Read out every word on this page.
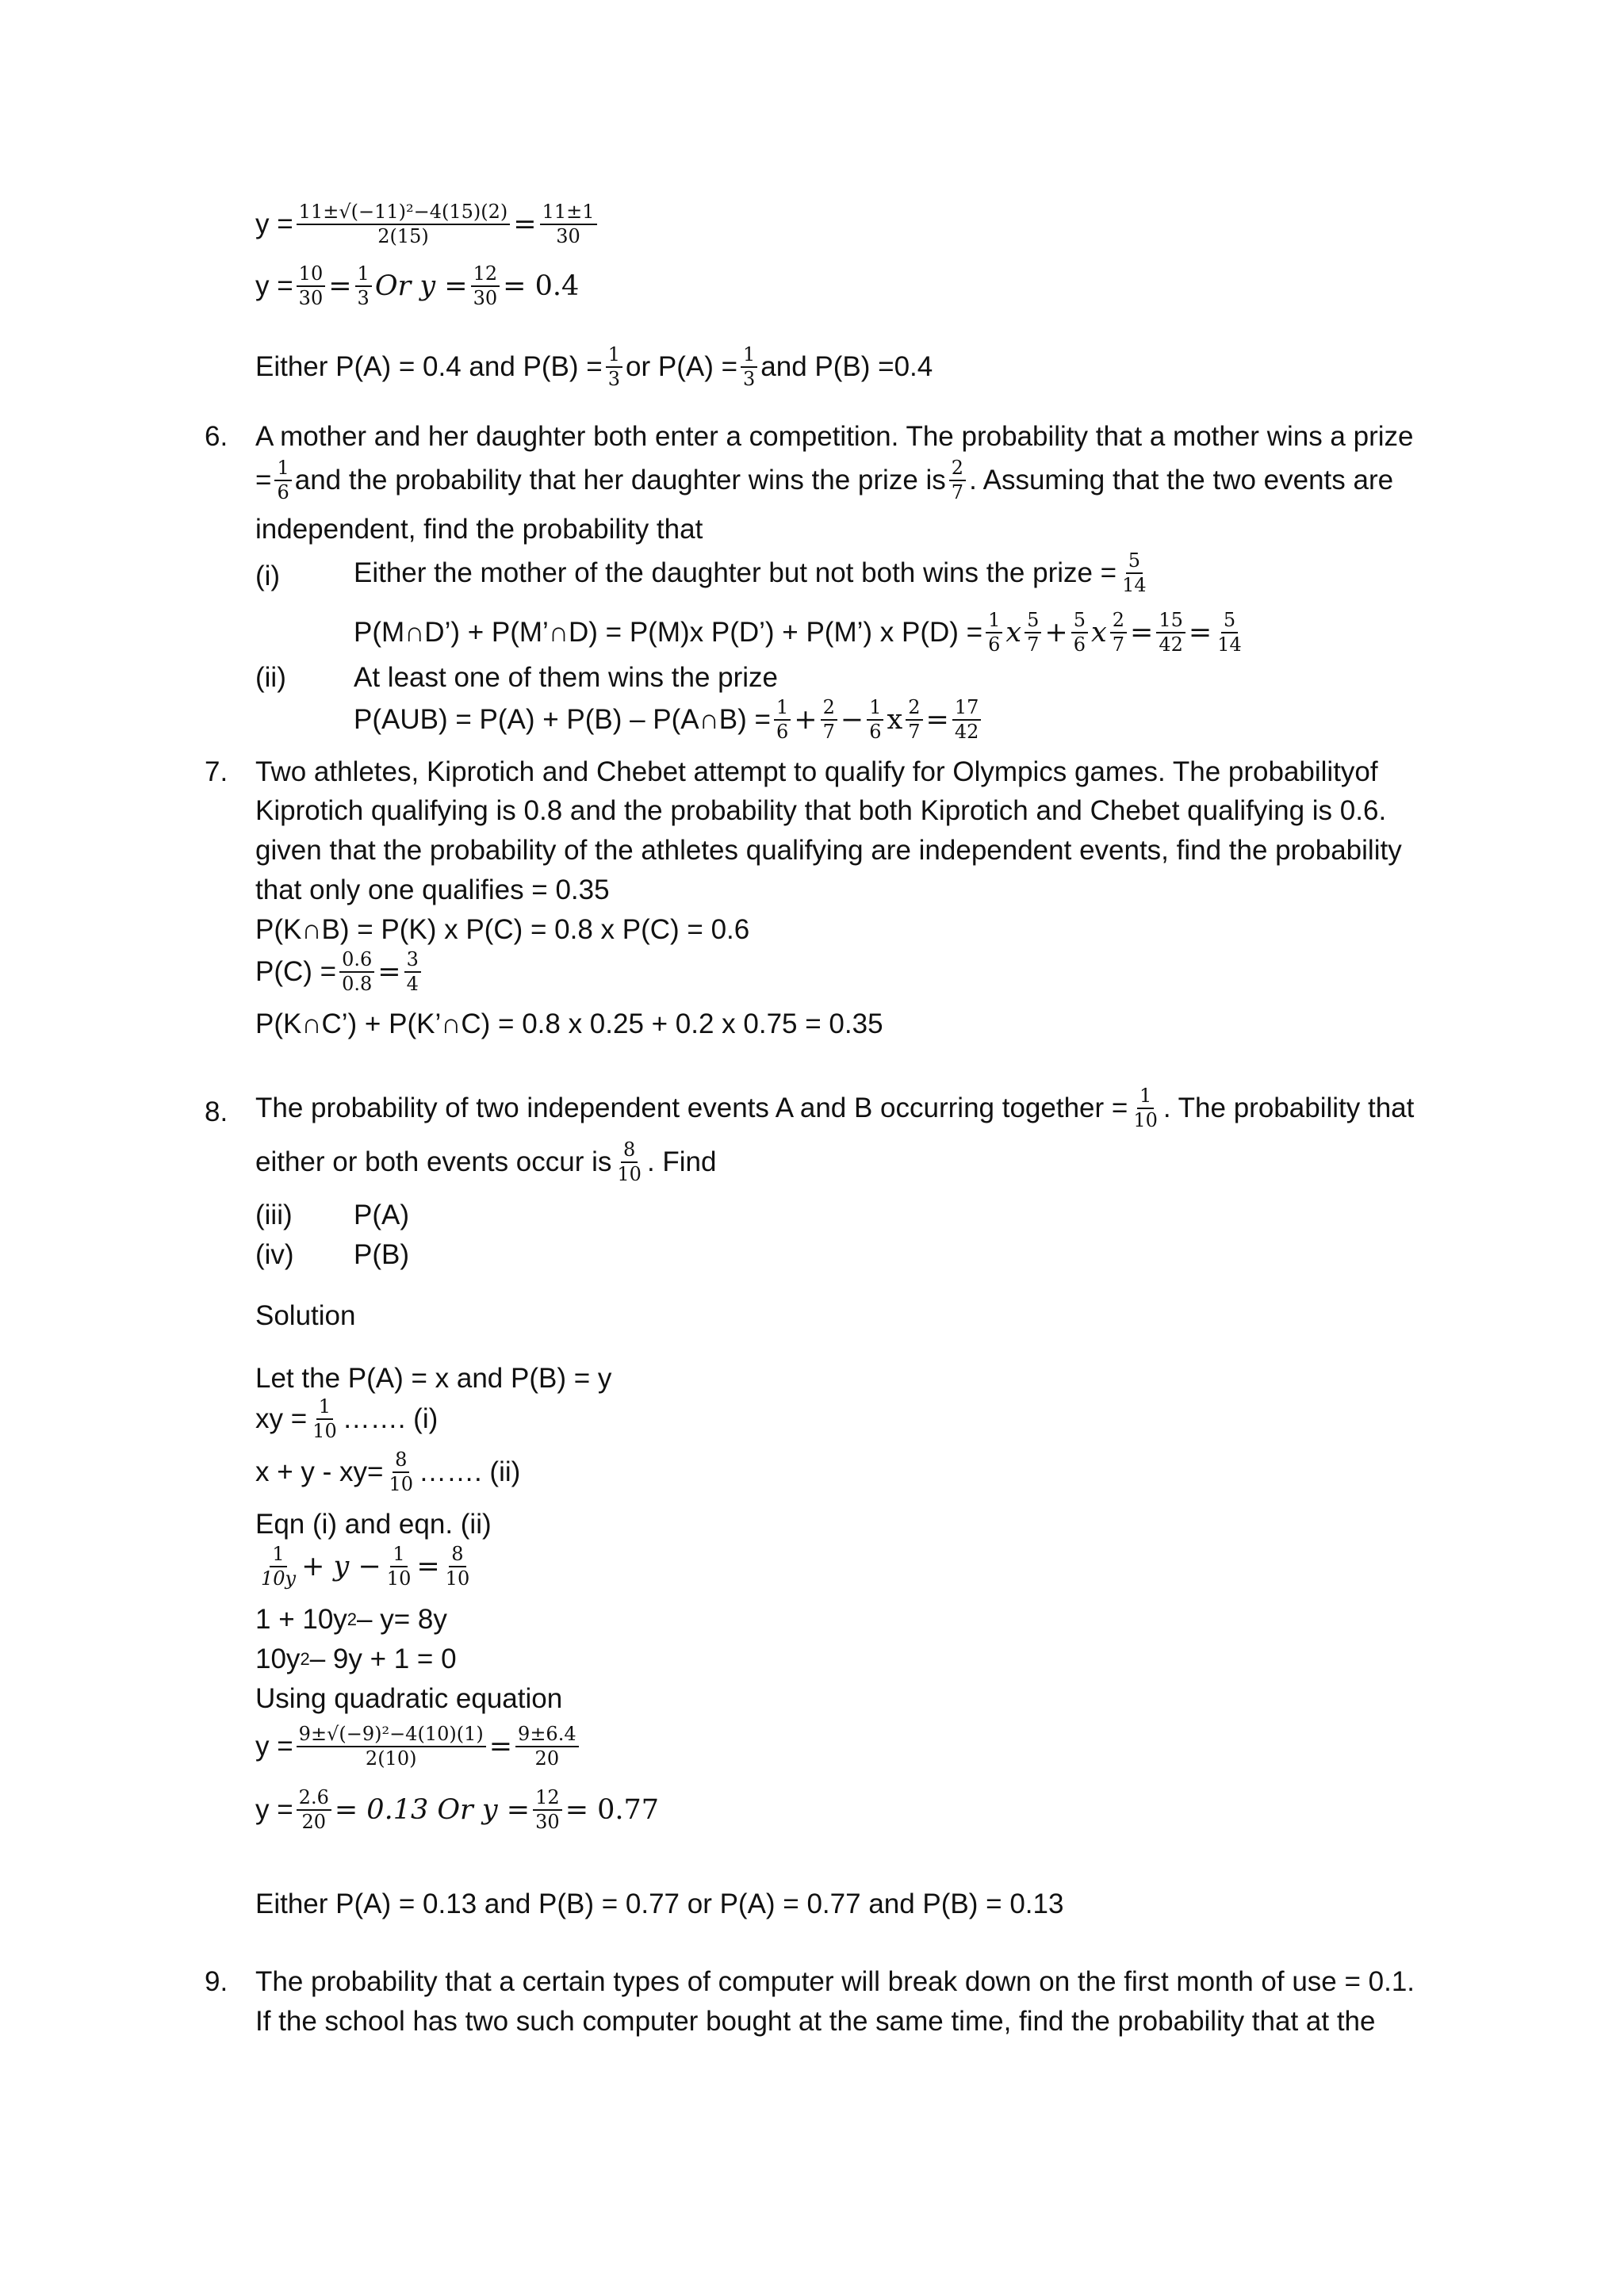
$y = \frac{\text{11±√(−11)²−4(15)(2)}}{2(15)} = \frac{11\pm 1}{30}$
$y = \frac{10}{30} = \frac{1}{3}$ Or $y = \frac{12}{30} = 0.4$
Either P(A) = 0.4 and $P(B) = \frac{1}{3}$ or $P(A) = \frac{1}{3}$ and P(B) =0.4
6. A mother and her daughter both enter a competition. The probability that a mother wins a prize
= $\frac{1}{6}$ and the probability that her daughter wins the prize is $\frac{2}{7}$ . Assuming that the two events are
independent, find the probability that
(i)	Either the mother of the daughter but not both wins the prize = $\frac{5}{14}$
P(M∩D’) + P(M’∩D) = P(M)x P(D’) + P(M’) x $P(D) = \frac{1}{6}$ x $\frac{5}{7} + \frac{5}{6}$ x $\frac{2}{7} = \frac{15}{42} = \frac{5}{14}$
(ii) At least one of them wins the prize
P(AUB) = P(A) + P(B) – P(A∩B) = $\frac{1}{6} + \frac{2}{7} - \frac{1}{6}$ x $\frac{2}{7} = \frac{17}{42}$
7. Two athletes, Kiprotich and Chebet attempt to qualify for Olympics games. The probabilityof
Kiprotich qualifying is 0.8 and the probability that both Kiprotich and Chebet qualifying is 0.6.
given that the probability of the athletes qualifying are independent events, find the probability
that only one qualifies = 0.35
P(K∩B) = P(K) x P(C) = 0.8 x P(C) = 0.6
$P(C) = \frac{0.6}{0.8} = \frac{3}{4}$
P(K∩C’) + P(K’∩C) = 0.8 x 0.25 + 0.2 x 0.75 = 0.35
8. The probability of two independent events A and B occurring together = $\frac{1}{10}$ . The probability that
either or both events occur is $\frac{8}{10}$ . Find
(iii) P(A)
(iv) P(B)
Solution
Let the P(A) = x and P(B) = y
xy = $\frac{1}{10}$ ……. (i)
$x + y - xy= \frac{8}{10}$ ……. (ii)
Eqn (i) and eqn. (ii)
$\frac{1}{10y} + y - \frac{1}{10} = \frac{8}{10}$
1 + 10y 2 – y= 8y
10y 2 – 9y + 1 = 0
Using quadratic equation
$y = \frac{\text{9±√(−9)²−4(10)(1)}}{2(10)} = \frac{9\pm 6.4}{20}$
$y = \frac{2.6}{20} = 0.13$ Or $y = \frac{12}{30} = 0.77$
Either P(A) = 0.13 and P(B) = 0.77 or P(A) = 0.77 and P(B) = 0.13
9. The probability that a certain types of computer will break down on the first month of use = 0.1.
If the school has two such computer bought at the same time, find the probability that at the
